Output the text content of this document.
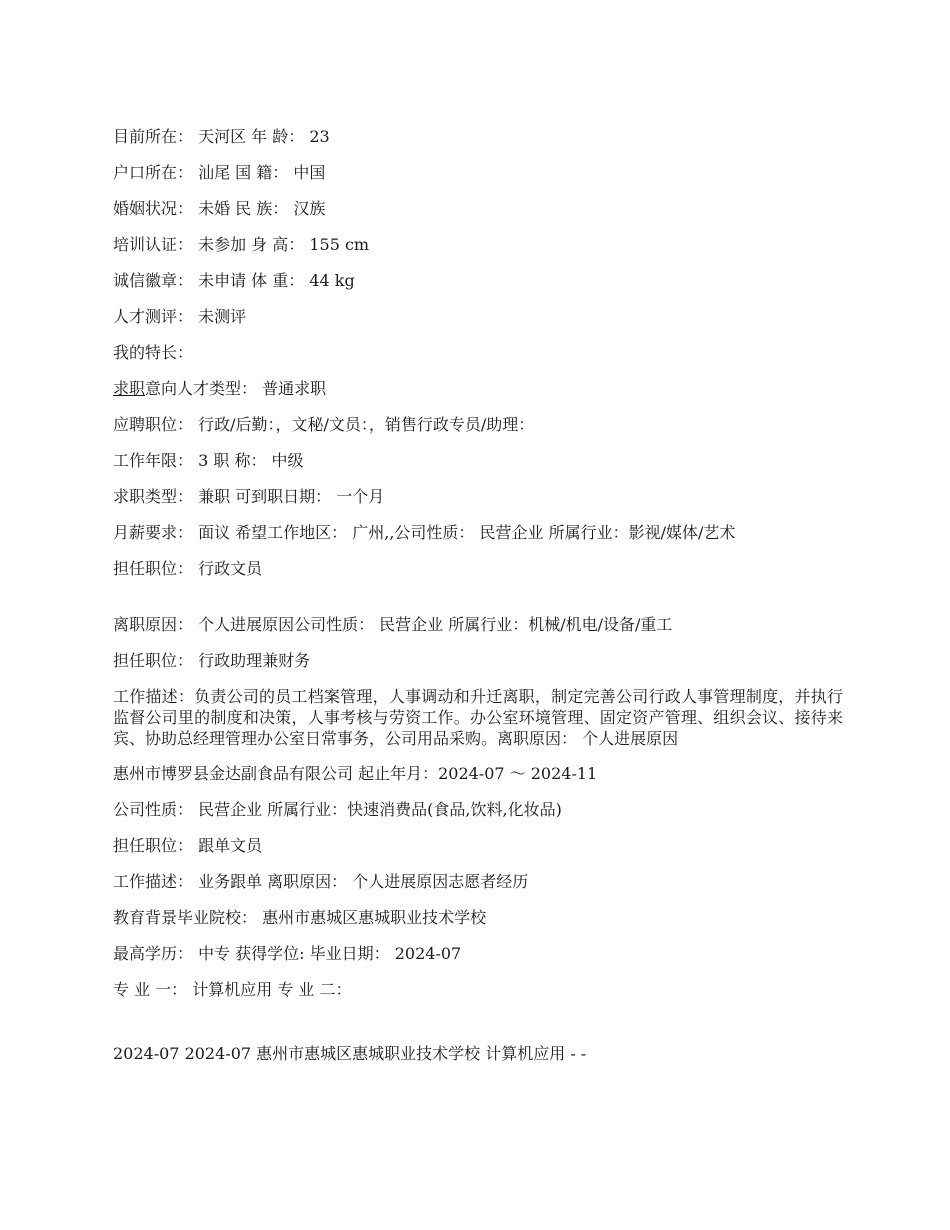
目前所在： 天河区 年 龄： 23
户口所在： 汕尾 国 籍： 中国
婚姻状况： 未婚 民 族： 汉族
培训认证： 未参加 身 高： 155 cm
诚信徽章： 未申请 体 重： 44 kg
人才测评： 未测评
我的特长：
求职意向人才类型： 普通求职
应聘职位： 行政/后勤：，文秘/文员：，销售行政专员/助理：
工作年限： 3 职 称： 中级
求职类型： 兼职 可到职日期： 一个月
月薪要求： 面议 希望工作地区： 广州,,公司性质： 民营企业 所属行业：影视/媒体/艺术
担任职位： 行政文员
离职原因： 个人进展原因公司性质： 民营企业 所属行业：机械/机电/设备/重工
担任职位： 行政助理兼财务
工作描述：负责公司的员工档案管理，人事调动和升迁离职，制定完善公司行政人事管理制度，并执行监督公司里的制度和决策，人事考核与劳资工作。办公室环境管理、固定资产管理、组织会议、接待来宾、协助总经理管理办公室日常事务，公司用品采购。离职原因： 个人进展原因
惠州市博罗县金达副食品有限公司 起止年月：2024-07 ～ 2024-11
公司性质： 民营企业 所属行业：快速消费品(食品,饮料,化妆品)
担任职位： 跟单文员
工作描述： 业务跟单 离职原因： 个人进展原因志愿者经历
教育背景毕业院校： 惠州市惠城区惠城职业技术学校
最高学历： 中专 获得学位: 毕业日期： 2024-07
专 业 一： 计算机应用 专 业 二：
2024-07 2024-07 惠州市惠城区惠城职业技术学校 计算机应用 - -
